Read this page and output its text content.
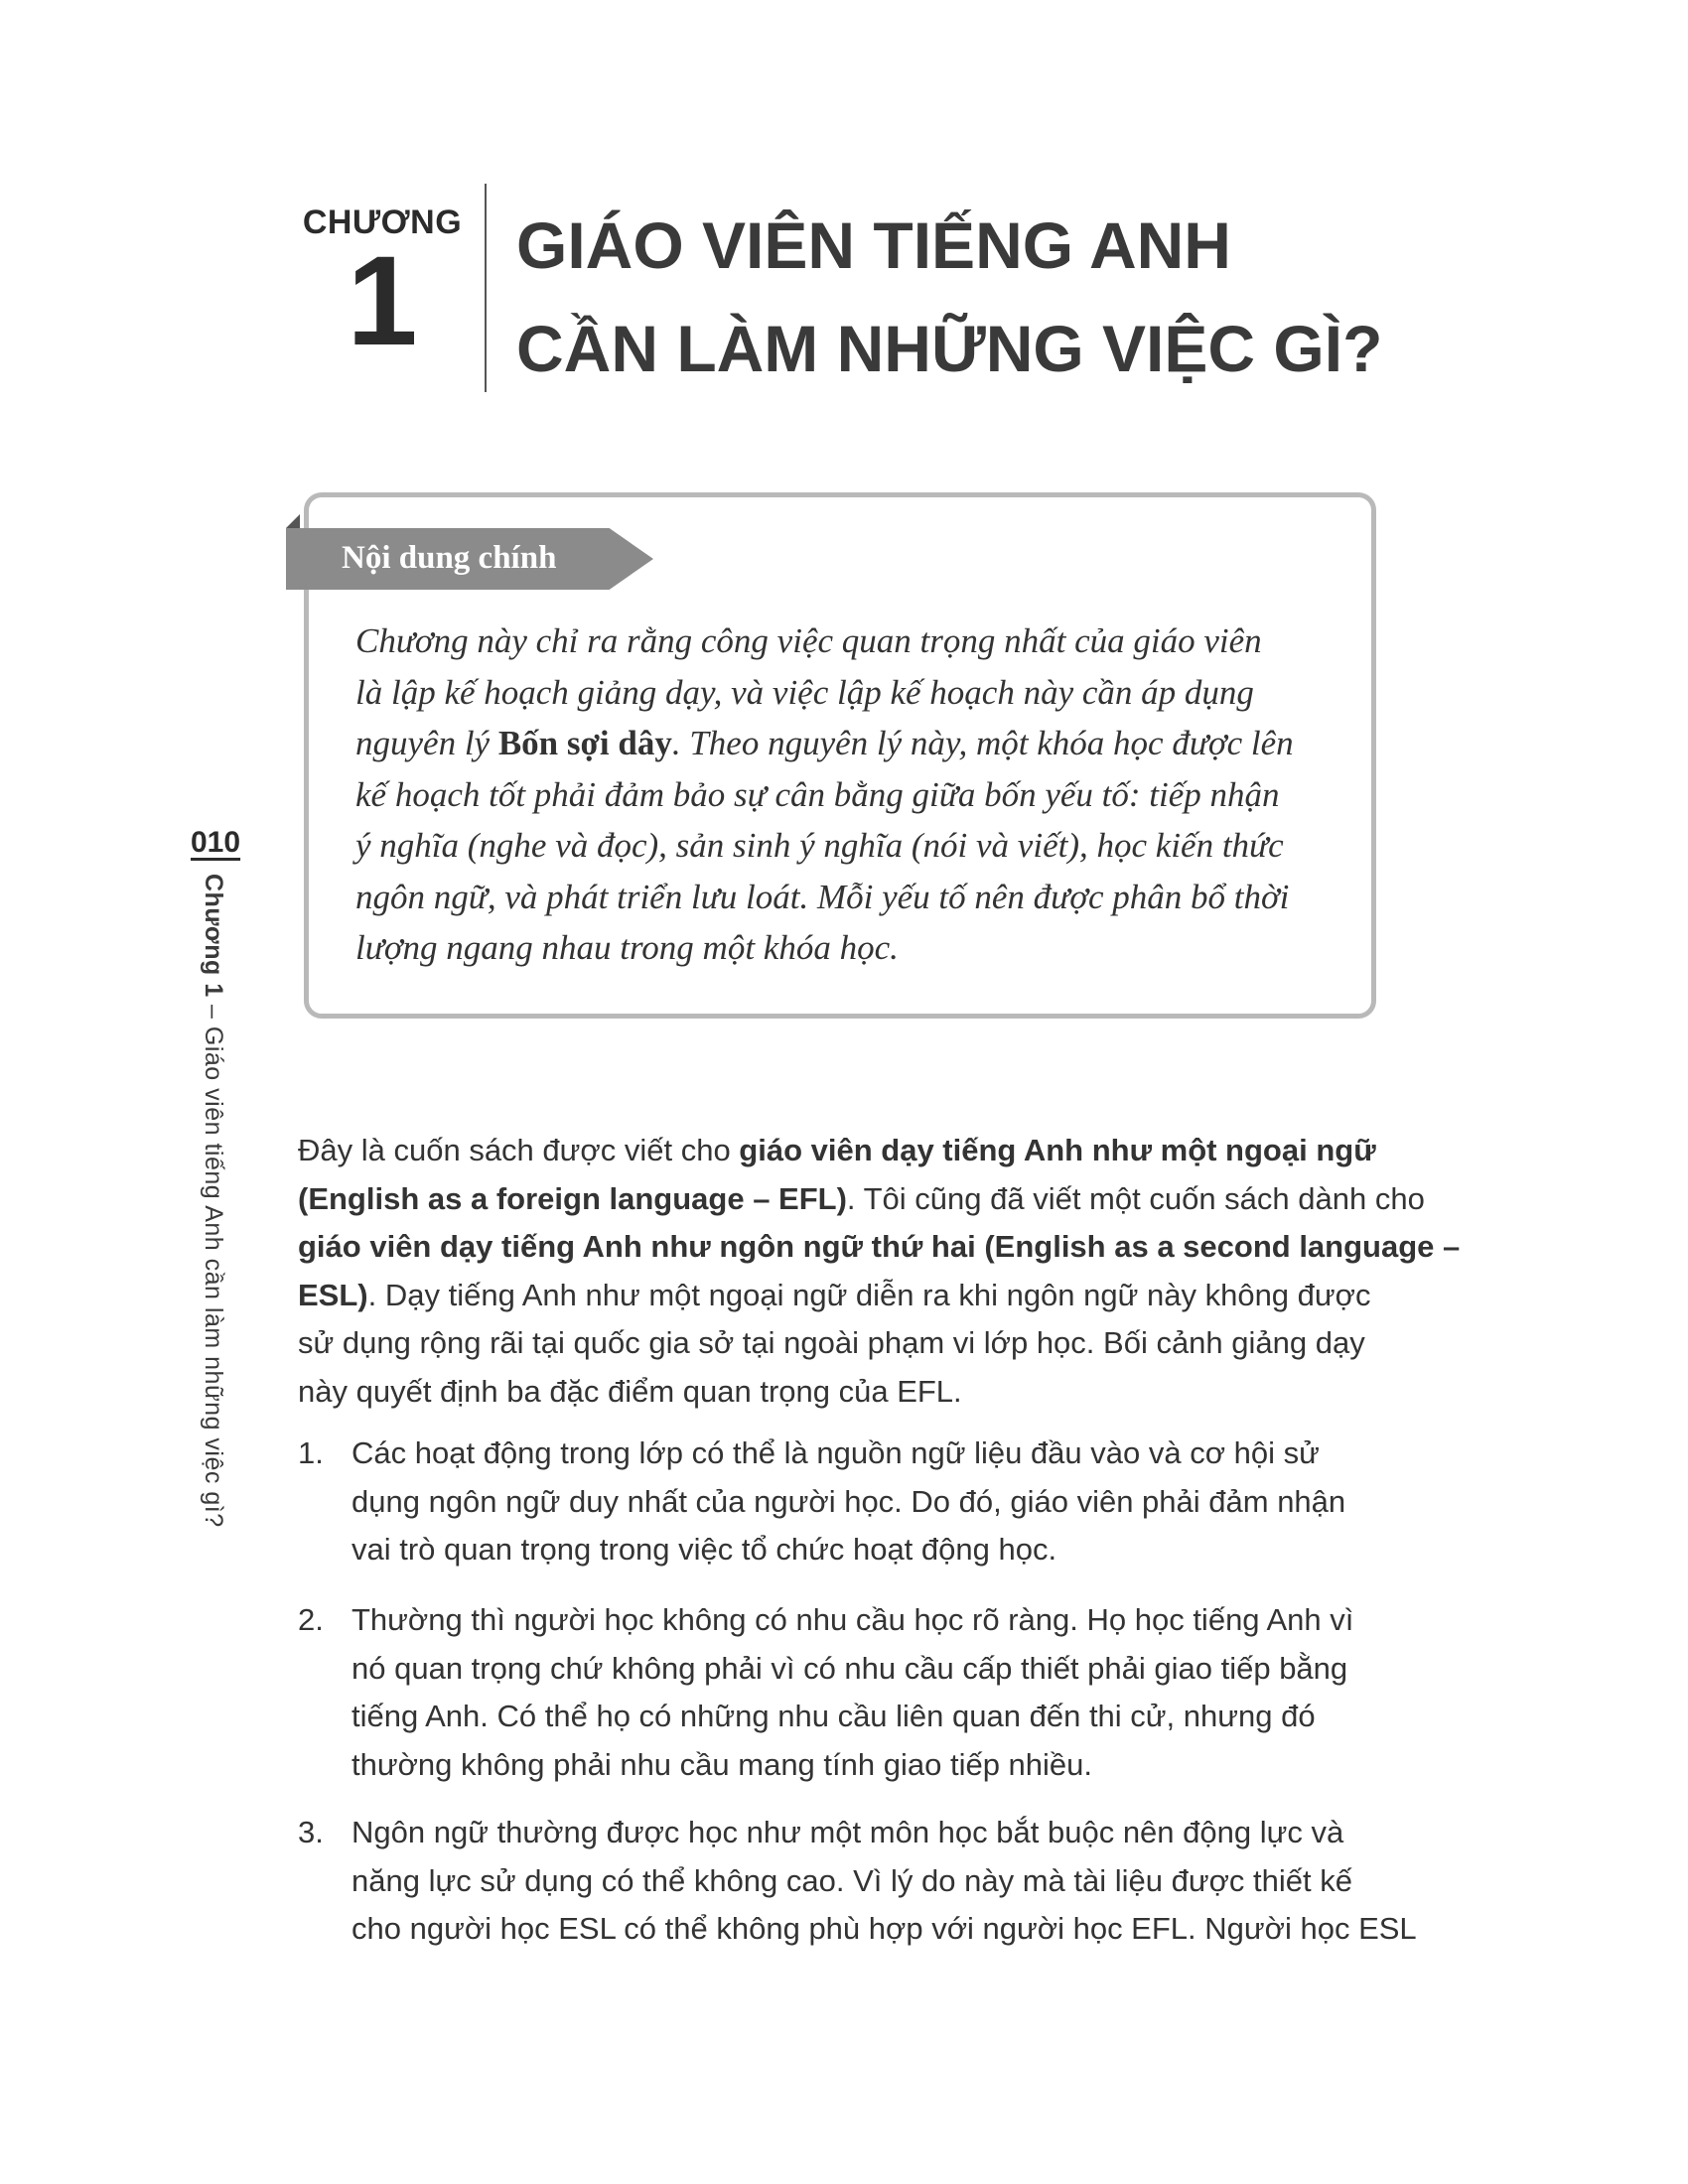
CHƯƠNG
1	GIÁO VIÊN TIẾNG ANH
CẦN LÀM NHỮNG VIỆC GÌ?
Nội dung chính
Chương này chỉ ra rằng công việc quan trọng nhất của giáo viên
là lập kế hoạch giảng dạy, và việc lập kế hoạch này cần áp dụng
nguyên lý Bốn sợi dây. Theo nguyên lý này, một khóa học được lên
kế hoạch tốt phải đảm bảo sự cân bằng giữa bốn yếu tố: tiếp nhận
ý nghĩa (nghe và đọc), sản sinh ý nghĩa (nói và viết), học kiến thức
ngôn ngữ, và phát triển lưu loát. Mỗi yếu tố nên được phân bổ thời
lượng ngang nhau trong một khóa học.
010
Chương 1 – Giáo viên tiếng Anh cần làm những việc gì? Đây là cuốn sách được viết cho giáo viên dạy tiếng Anh như một ngoại ngữ
(English as a foreign language – EFL). Tôi cũng đã viết một cuốn sách dành cho
giáo viên dạy tiếng Anh như ngôn ngữ thứ hai (English as a second language –
ESL). Dạy tiếng Anh như một ngoại ngữ diễn ra khi ngôn ngữ này không được
sử dụng rộng rãi tại quốc gia sở tại ngoài phạm vi lớp học. Bối cảnh giảng dạy
này quyết định ba đặc điểm quan trọng của EFL.
1. Các hoạt động trong lớp có thể là nguồn ngữ liệu đầu vào và cơ hội sử
dụng ngôn ngữ duy nhất của người học. Do đó, giáo viên phải đảm nhận
vai trò quan trọng trong việc tổ chức hoạt động học.
2. Thường thì người học không có nhu cầu học rõ ràng. Họ học tiếng Anh vì
nó quan trọng chứ không phải vì có nhu cầu cấp thiết phải giao tiếp bằng
tiếng Anh. Có thể họ có những nhu cầu liên quan đến thi cử, nhưng đó
thường không phải nhu cầu mang tính giao tiếp nhiều.
3. Ngôn ngữ thường được học như một môn học bắt buộc nên động lực và
năng lực sử dụng có thể không cao. Vì lý do này mà tài liệu được thiết kế
cho người học ESL có thể không phù hợp với người học EFL. Người học ESL
